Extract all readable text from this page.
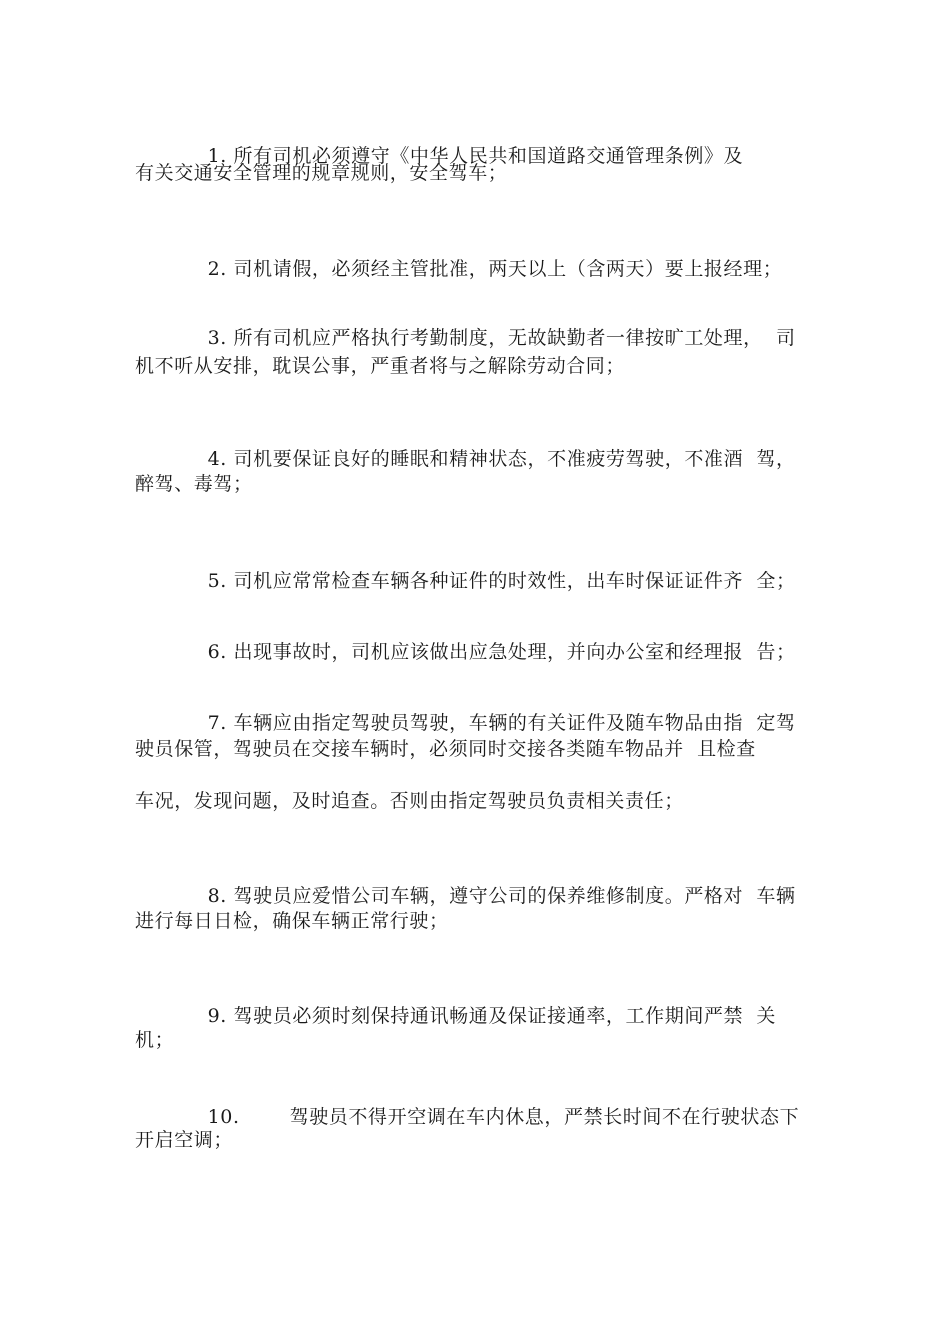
1. 所有司机必须遵守《中华人民共和国道路交通管理条例》及

有关交通安全管理的规章规则，安全驾车；

2. 司机请假，必须经主管批准，两天以上（含两天）要上报经理；

3. 所有司机应严格执行考勤制度，无故缺勤者一律按旷工处理，  司

机不听从安排，耽误公事，严重者将与之解除劳动合同；

4. 司机要保证良好的睡眠和精神状态，不准疲劳驾驶，不准酒  驾，

醉驾、毒驾；

5. 司机应常常检查车辆各种证件的时效性，出车时保证证件齐  全；

6. 出现事故时，司机应该做出应急处理，并向办公室和经理报  告；

7. 车辆应由指定驾驶员驾驶，车辆的有关证件及随车物品由指  定驾

驶员保管，驾驶员在交接车辆时，必须同时交接各类随车物品并  且检查
车况，发现问题，及时追查。否则由指定驾驶员负责相关责任；

8. 驾驶员应爱惜公司车辆，遵守公司的保养维修制度。严格对  车辆

进行每日日检，确保车辆正常行驶；

9. 驾驶员必须时刻保持通讯畅通及保证接通率，工作期间严禁  关

机；

10.	驾驶员不得开空调在车内休息，严禁长时间不在行驶状态下

开启空调；
